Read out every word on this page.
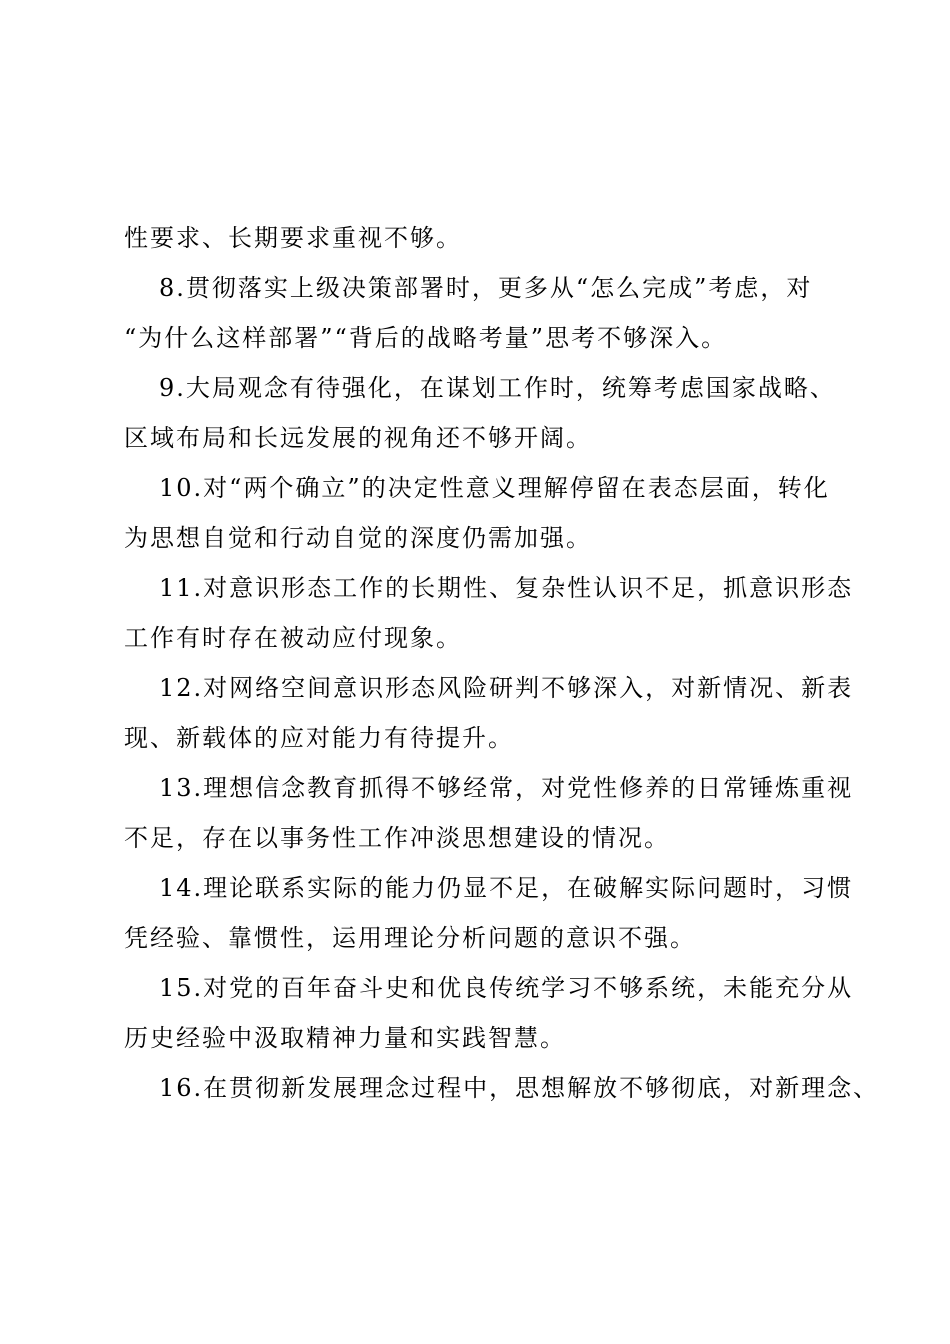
性要求、长期要求重视不够。
8.贯彻落实上级决策部署时，更多从“怎么完成”考虑，对
“为什么这样部署”“背后的战略考量”思考不够深入。
9.大局观念有待强化，在谋划工作时，统筹考虑国家战略、
区域布局和长远发展的视角还不够开阔。
10.对“两个确立”的决定性意义理解停留在表态层面，转化
为思想自觉和行动自觉的深度仍需加强。
11.对意识形态工作的长期性、复杂性认识不足，抓意识形态
工作有时存在被动应付现象。
12.对网络空间意识形态风险研判不够深入，对新情况、新表
现、新载体的应对能力有待提升。
13.理想信念教育抓得不够经常，对党性修养的日常锤炼重视
不足，存在以事务性工作冲淡思想建设的情况。
14.理论联系实际的能力仍显不足，在破解实际问题时，习惯
凭经验、靠惯性，运用理论分析问题的意识不强。
15.对党的百年奋斗史和优良传统学习不够系统，未能充分从
历史经验中汲取精神力量和实践智慧。
16.在贯彻新发展理念过程中，思想解放不够彻底，对新理念、
